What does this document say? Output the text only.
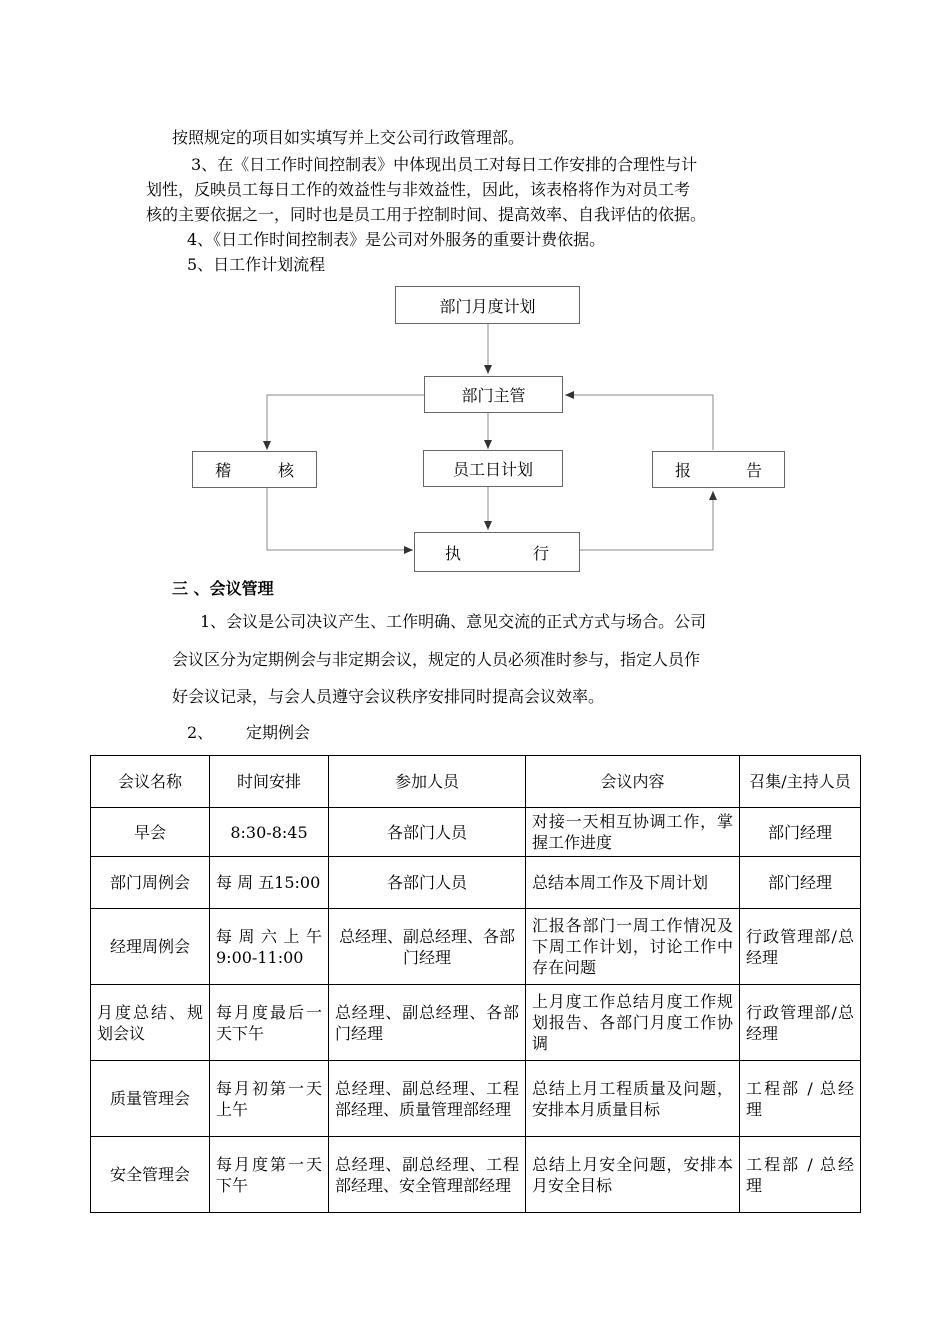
按照规定的项目如实填写并上交公司行政管理部。
3、在《日工作时间控制表》中体现出员工对每日工作安排的合理性与计
划性，反映员工每日工作的效益性与非效益性，因此，该表格将作为对员工考
核的主要依据之一，同时也是员工用于控制时间、提高效率、自我评估的依据。
4、《日工作时间控制表》是公司对外服务的重要计费依据。
5、日工作计划流程
部门月度计划
部门主管
稽	核	员工日计划	报	告
执	行
三 、会议管理
1、会议是公司决议产生、工作明确、意见交流的正式方式与场合。公司
会议区分为定期例会与非定期会议，规定的人员必须准时参与，指定人员作
好会议记录，与会人员遵守会议秩序安排同时提高会议效率。
2、 定期例会
会议名称	时间安排	参加人员	会议内容	召集/主持人员
早会	8:30-8:45	各部门人员	对接一天相互协调工作，掌握工作进度	部门经理
部门周例会	每 周 五15:00	各部门人员	总结本周工作及下周计划	部门经理
经理周例会	每周六上午9:00-11:00	总经理、副总经理、各部门经理	汇报各部门一周工作情况及下周工作计划，讨论工作中存在问题	行政管理部/总经理
月度总结、规划会议	每月度最后一天下午	总经理、副总经理、各部门经理	上月度工作总结月度工作规划报告、各部门月度工作协调	行政管理部/总经理
质量管理会	每月初第一天上午	总经理、副总经理、工程部经理、质量管理部经理	总结上月工程质量及问题，安排本月质量目标	工程部 / 总经理
安全管理会	每月度第一天下午	总经理、副总经理、工程部经理、安全管理部经理	总结上月安全问题，安排本月安全目标	工程部 / 总经理
